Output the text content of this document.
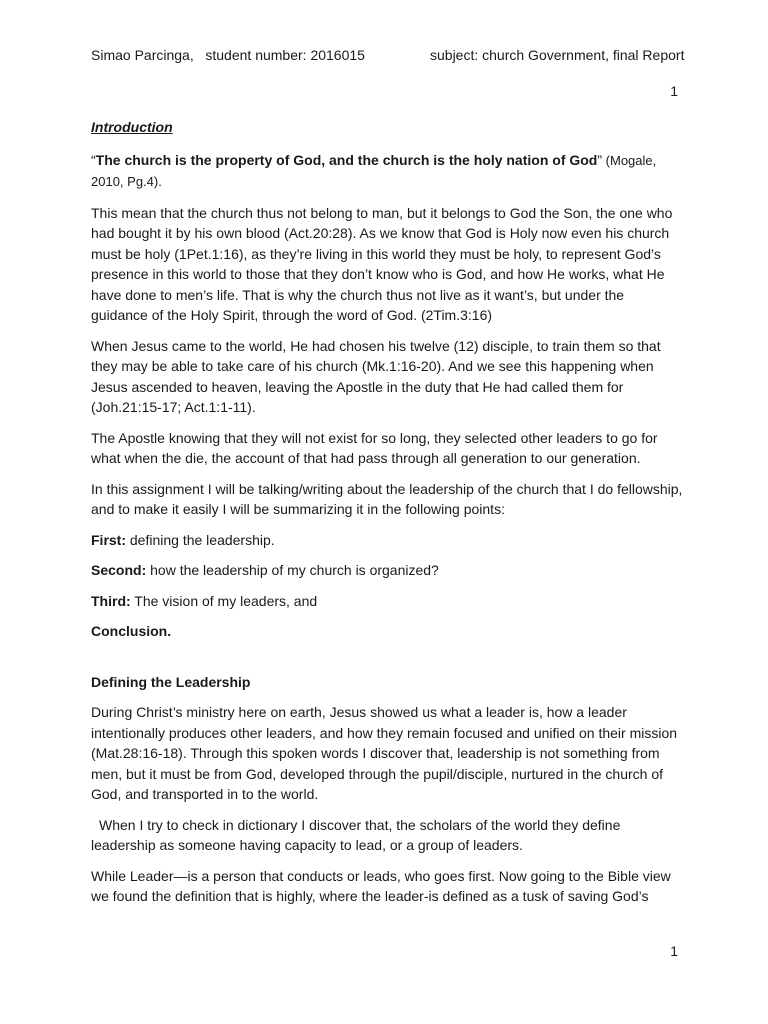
Simao Parcinga,   student number: 2016015	subject: church Government, final Report
1

Introduction

“The church is the property of God, and the church is the holy nation of God” (Mogale, 2010, Pg.4).

This mean that the church thus not belong to man, but it belongs to God the Son, the one who had bought it by his own blood (Act.20:28). As we know that God is Holy now even his church must be holy (1Pet.1:16), as they’re living in this world they must be holy, to represent God’s presence in this world to those that they don’t know who is God, and how He works, what He have done to men’s life. That is why the church thus not live as it want’s, but under the guidance of the Holy Spirit, through the word of God. (2Tim.3:16)

When Jesus came to the world, He had chosen his twelve (12) disciple, to train them so that they may be able to take care of his church (Mk.1:16-20). And we see this happening when Jesus ascended to heaven, leaving the Apostle in the duty that He had called them for (Joh.21:15-17; Act.1:1-11).

The Apostle knowing that they will not exist for so long, they selected other leaders to go for what when the die, the account of that had pass through all generation to our generation.

In this assignment I will be talking/writing about the leadership of the church that I do fellowship, and to make it easily I will be summarizing it in the following points:

First: defining the leadership.

Second: how the leadership of my church is organized?

Third: The vision of my leaders, and

Conclusion.

Defining the Leadership

During Christ’s ministry here on earth, Jesus showed us what a leader is, how a leader intentionally produces other leaders, and how they remain focused and unified on their mission (Mat.28:16-18). Through this spoken words I discover that, leadership is not something from men, but it must be from God, developed through the pupil/disciple, nurtured in the church of God, and transported in to the world.

When I try to check in dictionary I discover that, the scholars of the world they define leadership as someone having capacity to lead, or a group of leaders.

While Leader—is a person that conducts or leads, who goes first. Now going to the Bible view we found the definition that is highly, where the leader-is defined as a tusk of saving God’s

1
